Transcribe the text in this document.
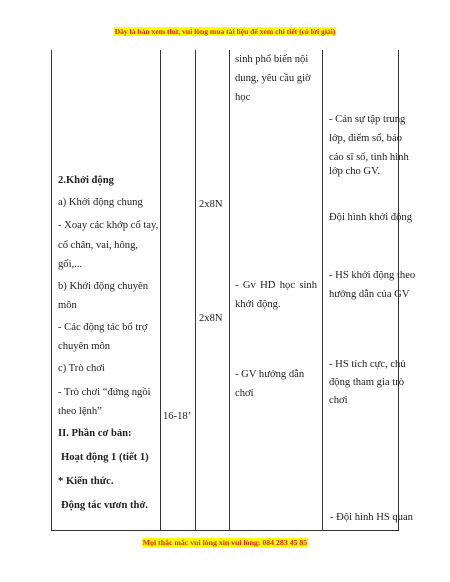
Đây là bản xem thử, vui lòng mua tài liệu để xem chi tiết (có lời giải)
2.Khởi động
a) Khởi động chung
- Xoay các khớp cổ tay,
cổ chân, vai, hông,
gối,...
b) Khởi động chuyên
môn
- Các động tác bổ trợ
chuyên môn
c) Trò chơi
- Trò chơi “đứng ngồi
theo lệnh”
II. Phần cơ bản:
Hoạt động 1 (tiết 1)
* Kiến thức.
Động tác vươn thở.
16-18’
2x8N
2x8N
sinh phổ biến nội
dung, yêu cầu giờ
học
- Gv HD học sinh
khởi động.
- GV hướng dẫn
chơi
- Cán sự tập trung
lớp, điểm số, báo
cáo sĩ số, tình hình
lớp cho GV.
Đội hình khởi động
- HS khởi động theo
hướng dẫn của GV
- HS tích cực, chủ
động tham gia trò
chơi
- Đội hình HS quan
Mọi thắc mắc vui lòng xin vui lòng: 084 283 45 85
